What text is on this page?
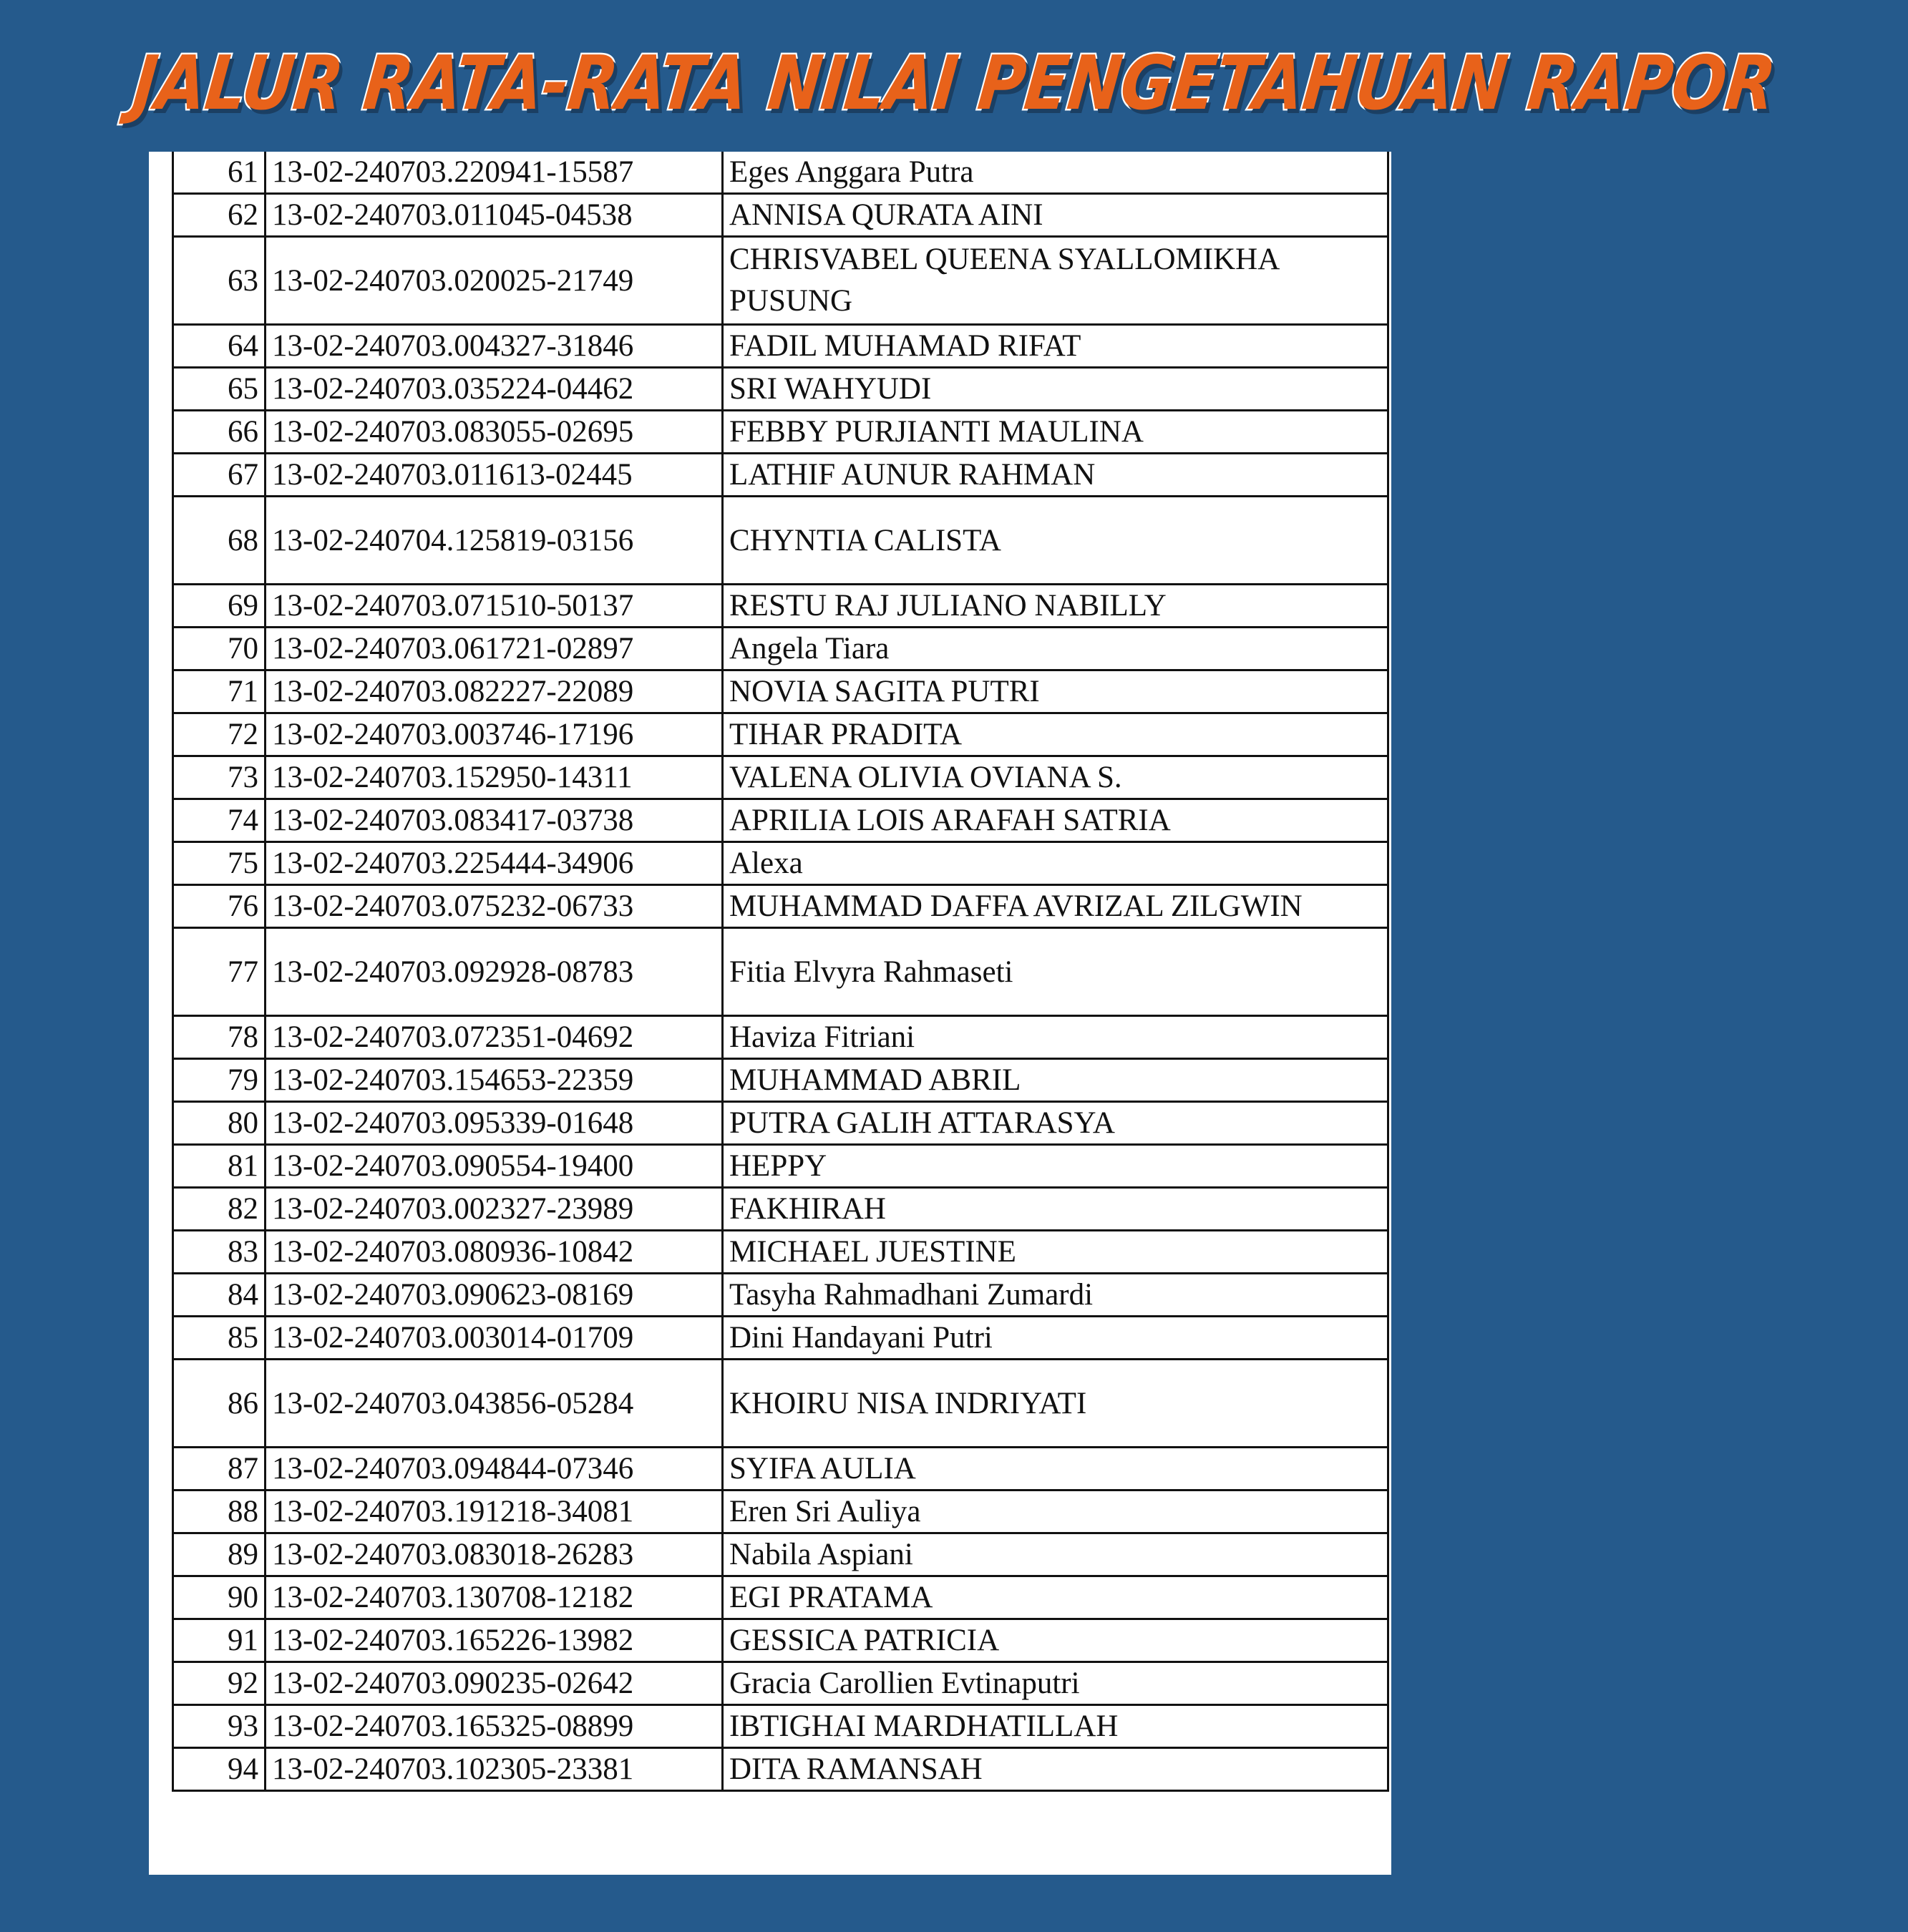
JALUR RATA-RATA NILAI PENGETAHUAN RAPOR
61	13-02-240703.220941-15587	Eges Anggara Putra
62	13-02-240703.011045-04538	ANNISA QURATA AINI
63	13-02-240703.020025-21749	CHRISVABEL QUEENA SYALLOMIKHA PUSUNG
64	13-02-240703.004327-31846	FADIL MUHAMAD RIFAT
65	13-02-240703.035224-04462	SRI WAHYUDI
66	13-02-240703.083055-02695	FEBBY PURJIANTI MAULINA
67	13-02-240703.011613-02445	LATHIF AUNUR RAHMAN
68	13-02-240704.125819-03156	CHYNTIA CALISTA
69	13-02-240703.071510-50137	RESTU RAJ JULIANO NABILLY
70	13-02-240703.061721-02897	Angela Tiara
71	13-02-240703.082227-22089	NOVIA SAGITA PUTRI
72	13-02-240703.003746-17196	TIHAR PRADITA
73	13-02-240703.152950-14311	VALENA OLIVIA OVIANA S.
74	13-02-240703.083417-03738	APRILIA LOIS ARAFAH SATRIA
75	13-02-240703.225444-34906	Alexa
76	13-02-240703.075232-06733	MUHAMMAD DAFFA AVRIZAL ZILGWIN
77	13-02-240703.092928-08783	Fitia Elvyra Rahmaseti
78	13-02-240703.072351-04692	Haviza Fitriani
79	13-02-240703.154653-22359	MUHAMMAD ABRIL
80	13-02-240703.095339-01648	PUTRA GALIH ATTARASYA
81	13-02-240703.090554-19400	HEPPY
82	13-02-240703.002327-23989	FAKHIRAH
83	13-02-240703.080936-10842	MICHAEL JUESTINE
84	13-02-240703.090623-08169	Tasyha Rahmadhani Zumardi
85	13-02-240703.003014-01709	Dini Handayani Putri
86	13-02-240703.043856-05284	KHOIRU NISA INDRIYATI
87	13-02-240703.094844-07346	SYIFA AULIA
88	13-02-240703.191218-34081	Eren Sri Auliya
89	13-02-240703.083018-26283	Nabila Aspiani
90	13-02-240703.130708-12182	EGI PRATAMA
91	13-02-240703.165226-13982	GESSICA PATRICIA
92	13-02-240703.090235-02642	Gracia Carollien Evtinaputri
93	13-02-240703.165325-08899	IBTIGHAI MARDHATILLAH
94	13-02-240703.102305-23381	DITA RAMANSAH
